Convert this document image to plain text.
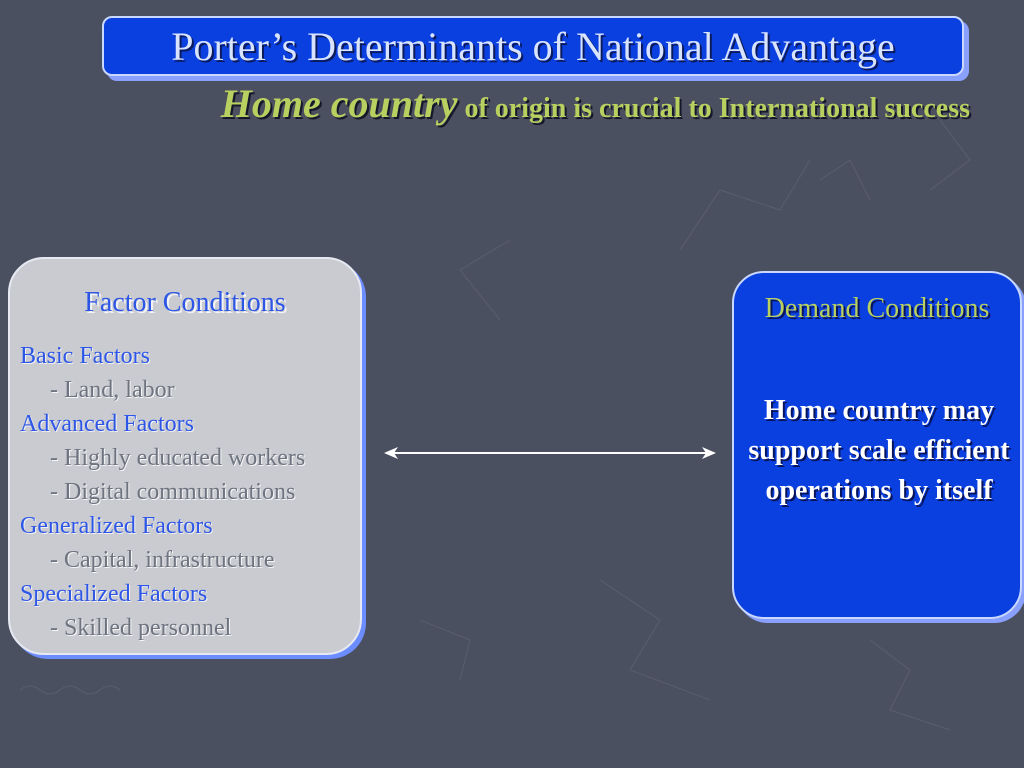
Porter’s Determinants of National Advantage
Home country of origin is crucial to International success
Factor Conditions
Basic Factors
- Land, labor
Advanced Factors
- Highly educated workers
- Digital communications
Generalized Factors
- Capital, infrastructure
Specialized Factors
- Skilled personnel
Demand Conditions
Home country may support scale efficient operations by itself
